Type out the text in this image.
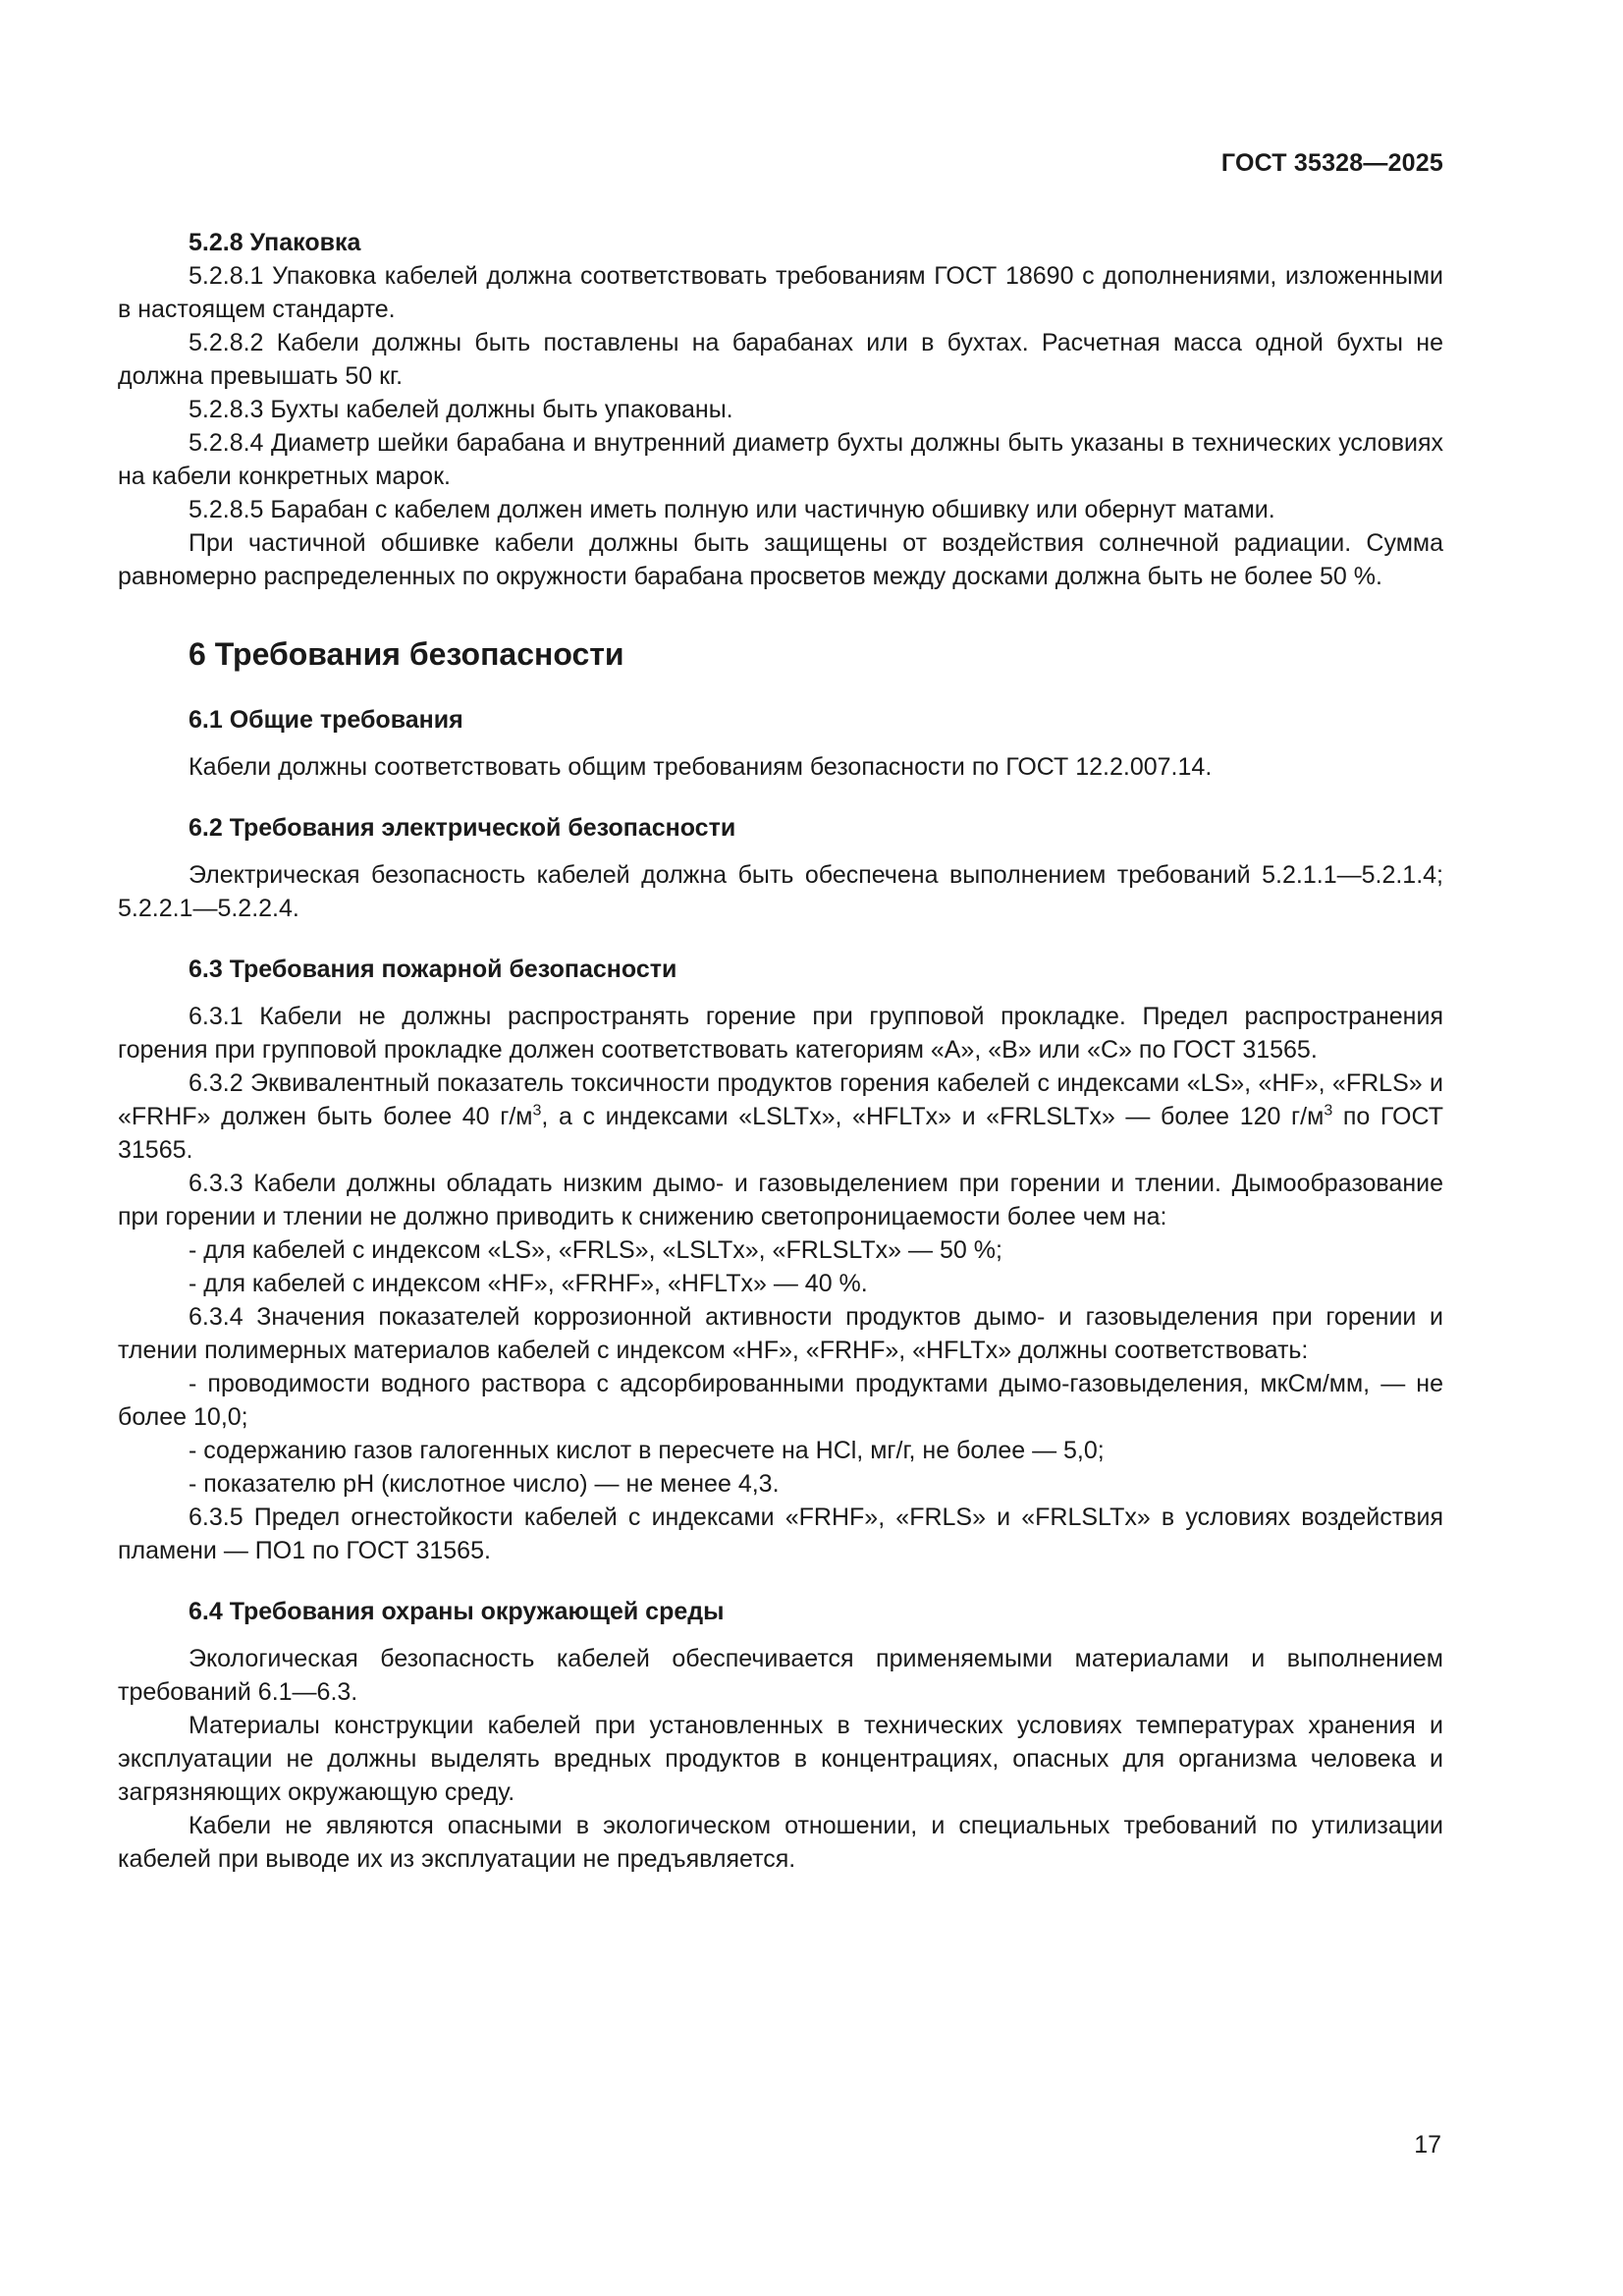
ГОСТ 35328—2025

5.2.8 Упаковка

5.2.8.1 Упаковка кабелей должна соответствовать требованиям ГОСТ 18690 с дополнениями, изложенными в настоящем стандарте.

5.2.8.2 Кабели должны быть поставлены на барабанах или в бухтах. Расчетная масса одной бухты не должна превышать 50 кг.

5.2.8.3 Бухты кабелей должны быть упакованы.

5.2.8.4 Диаметр шейки барабана и внутренний диаметр бухты должны быть указаны в технических условиях на кабели конкретных марок.

5.2.8.5 Барабан с кабелем должен иметь полную или частичную обшивку или обернут матами.

При частичной обшивке кабели должны быть защищены от воздействия солнечной радиации. Сумма равномерно распределенных по окружности барабана просветов между досками должна быть не более 50 %.

6 Требования безопасности

6.1 Общие требования

Кабели должны соответствовать общим требованиям безопасности по ГОСТ 12.2.007.14.

6.2 Требования электрической безопасности

Электрическая безопасность кабелей должна быть обеспечена выполнением требований 5.2.1.1—5.2.1.4; 5.2.2.1—5.2.2.4.

6.3 Требования пожарной безопасности

6.3.1 Кабели не должны распространять горение при групповой прокладке. Предел распространения горения при групповой прокладке должен соответствовать категориям «А», «В» или «С» по ГОСТ 31565.

6.3.2 Эквивалентный показатель токсичности продуктов горения кабелей с индексами «LS», «HF», «FRLS» и «FRHF» должен быть более 40 $г/м^3$, а с индексами «LSLTx», «HFLTx» и «FRLSLTx» — более 120 $г/м^3$ по ГОСТ 31565.

6.3.3 Кабели должны обладать низким дымо- и газовыделением при горении и тлении. Дымообразование при горении и тлении не должно приводить к снижению светопроницаемости более чем на:

- для кабелей с индексом «LS», «FRLS», «LSLTx», «FRLSLTx» — 50 %;

- для кабелей с индексом «HF», «FRHF», «HFLTx» — 40 %.

6.3.4 Значения показателей коррозионной активности продуктов дымо- и газовыделения при горении и тлении полимерных материалов кабелей с индексом «HF», «FRHF», «HFLTx» должны соответствовать:

- проводимости водного раствора с адсорбированными продуктами дымо-газовыделения, мкСм/мм, — не более 10,0;

- содержанию газов галогенных кислот в пересчете на HCl, мг/г, не более — 5,0;

- показателю pH (кислотное число) — не менее 4,3.

6.3.5 Предел огнестойкости кабелей с индексами «FRHF», «FRLS» и «FRLSLTx» в условиях воздействия пламени — ПО1 по ГОСТ 31565.

6.4 Требования охраны окружающей среды

Экологическая безопасность кабелей обеспечивается применяемыми материалами и выполнением требований 6.1—6.3.

Материалы конструкции кабелей при установленных в технических условиях температурах хранения и эксплуатации не должны выделять вредных продуктов в концентрациях, опасных для организма человека и загрязняющих окружающую среду.

Кабели не являются опасными в экологическом отношении, и специальных требований по утилизации кабелей при выводе их из эксплуатации не предъявляется.

17
